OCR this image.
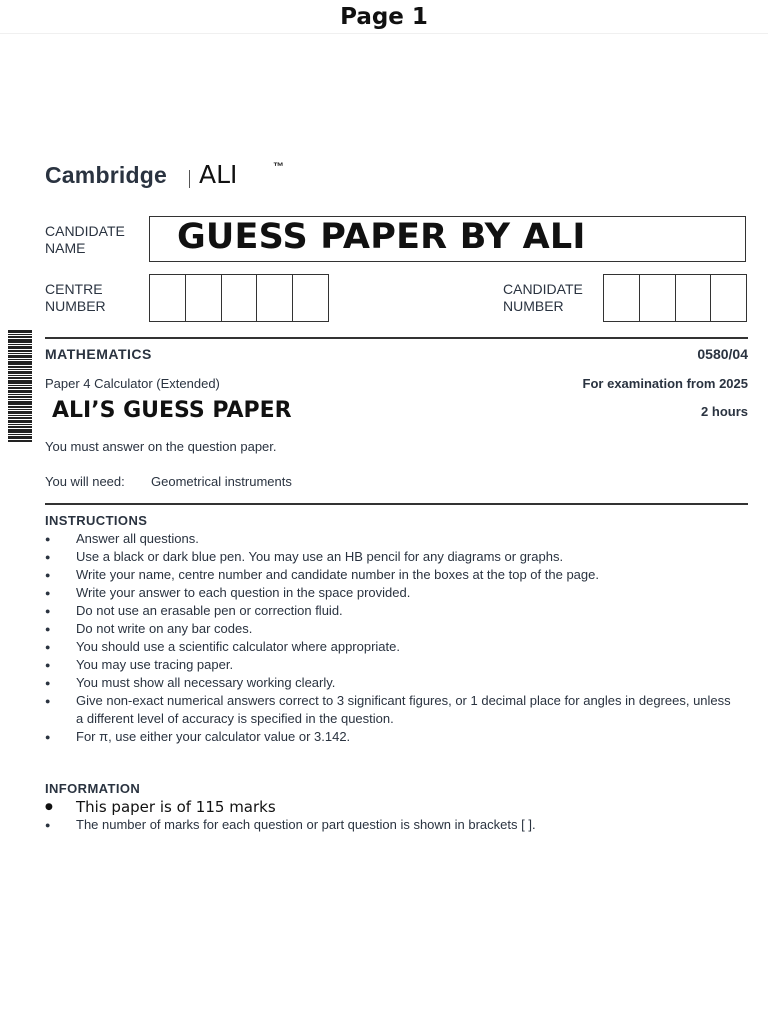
Page 1
Cambridge ALI	™
CANDIDATE
NAME	GUESS PAPER BY ALI
CENTRE
NUMBER
CANDIDATE
NUMBER
MATHEMATICS	0580/04
Paper 4 Calculator (Extended)	For examination from 2025
ALI’S GUESS PAPER	2 hours
You must answer on the question paper.
You will need: Geometrical instruments
INSTRUCTIONS
● Answer all questions.
● Use a black or dark blue pen. You may use an HB pencil for any diagrams or graphs.
● Write your name, centre number and candidate number in the boxes at the top of the page.
● Write your answer to each question in the space provided.
● Do not use an erasable pen or correction fluid.
● Do not write on any bar codes.
● You should use a scientific calculator where appropriate.
● You may use tracing paper.
● You must show all necessary working clearly.
● Give non-exact numerical answers correct to 3 significant figures, or 1 decimal place for angles in degrees, unless a different level of accuracy is specified in the question.
● For π, use either your calculator value or 3.142.
INFORMATION
● This paper is of 115 marks
● The number of marks for each question or part question is shown in brackets [ ].
